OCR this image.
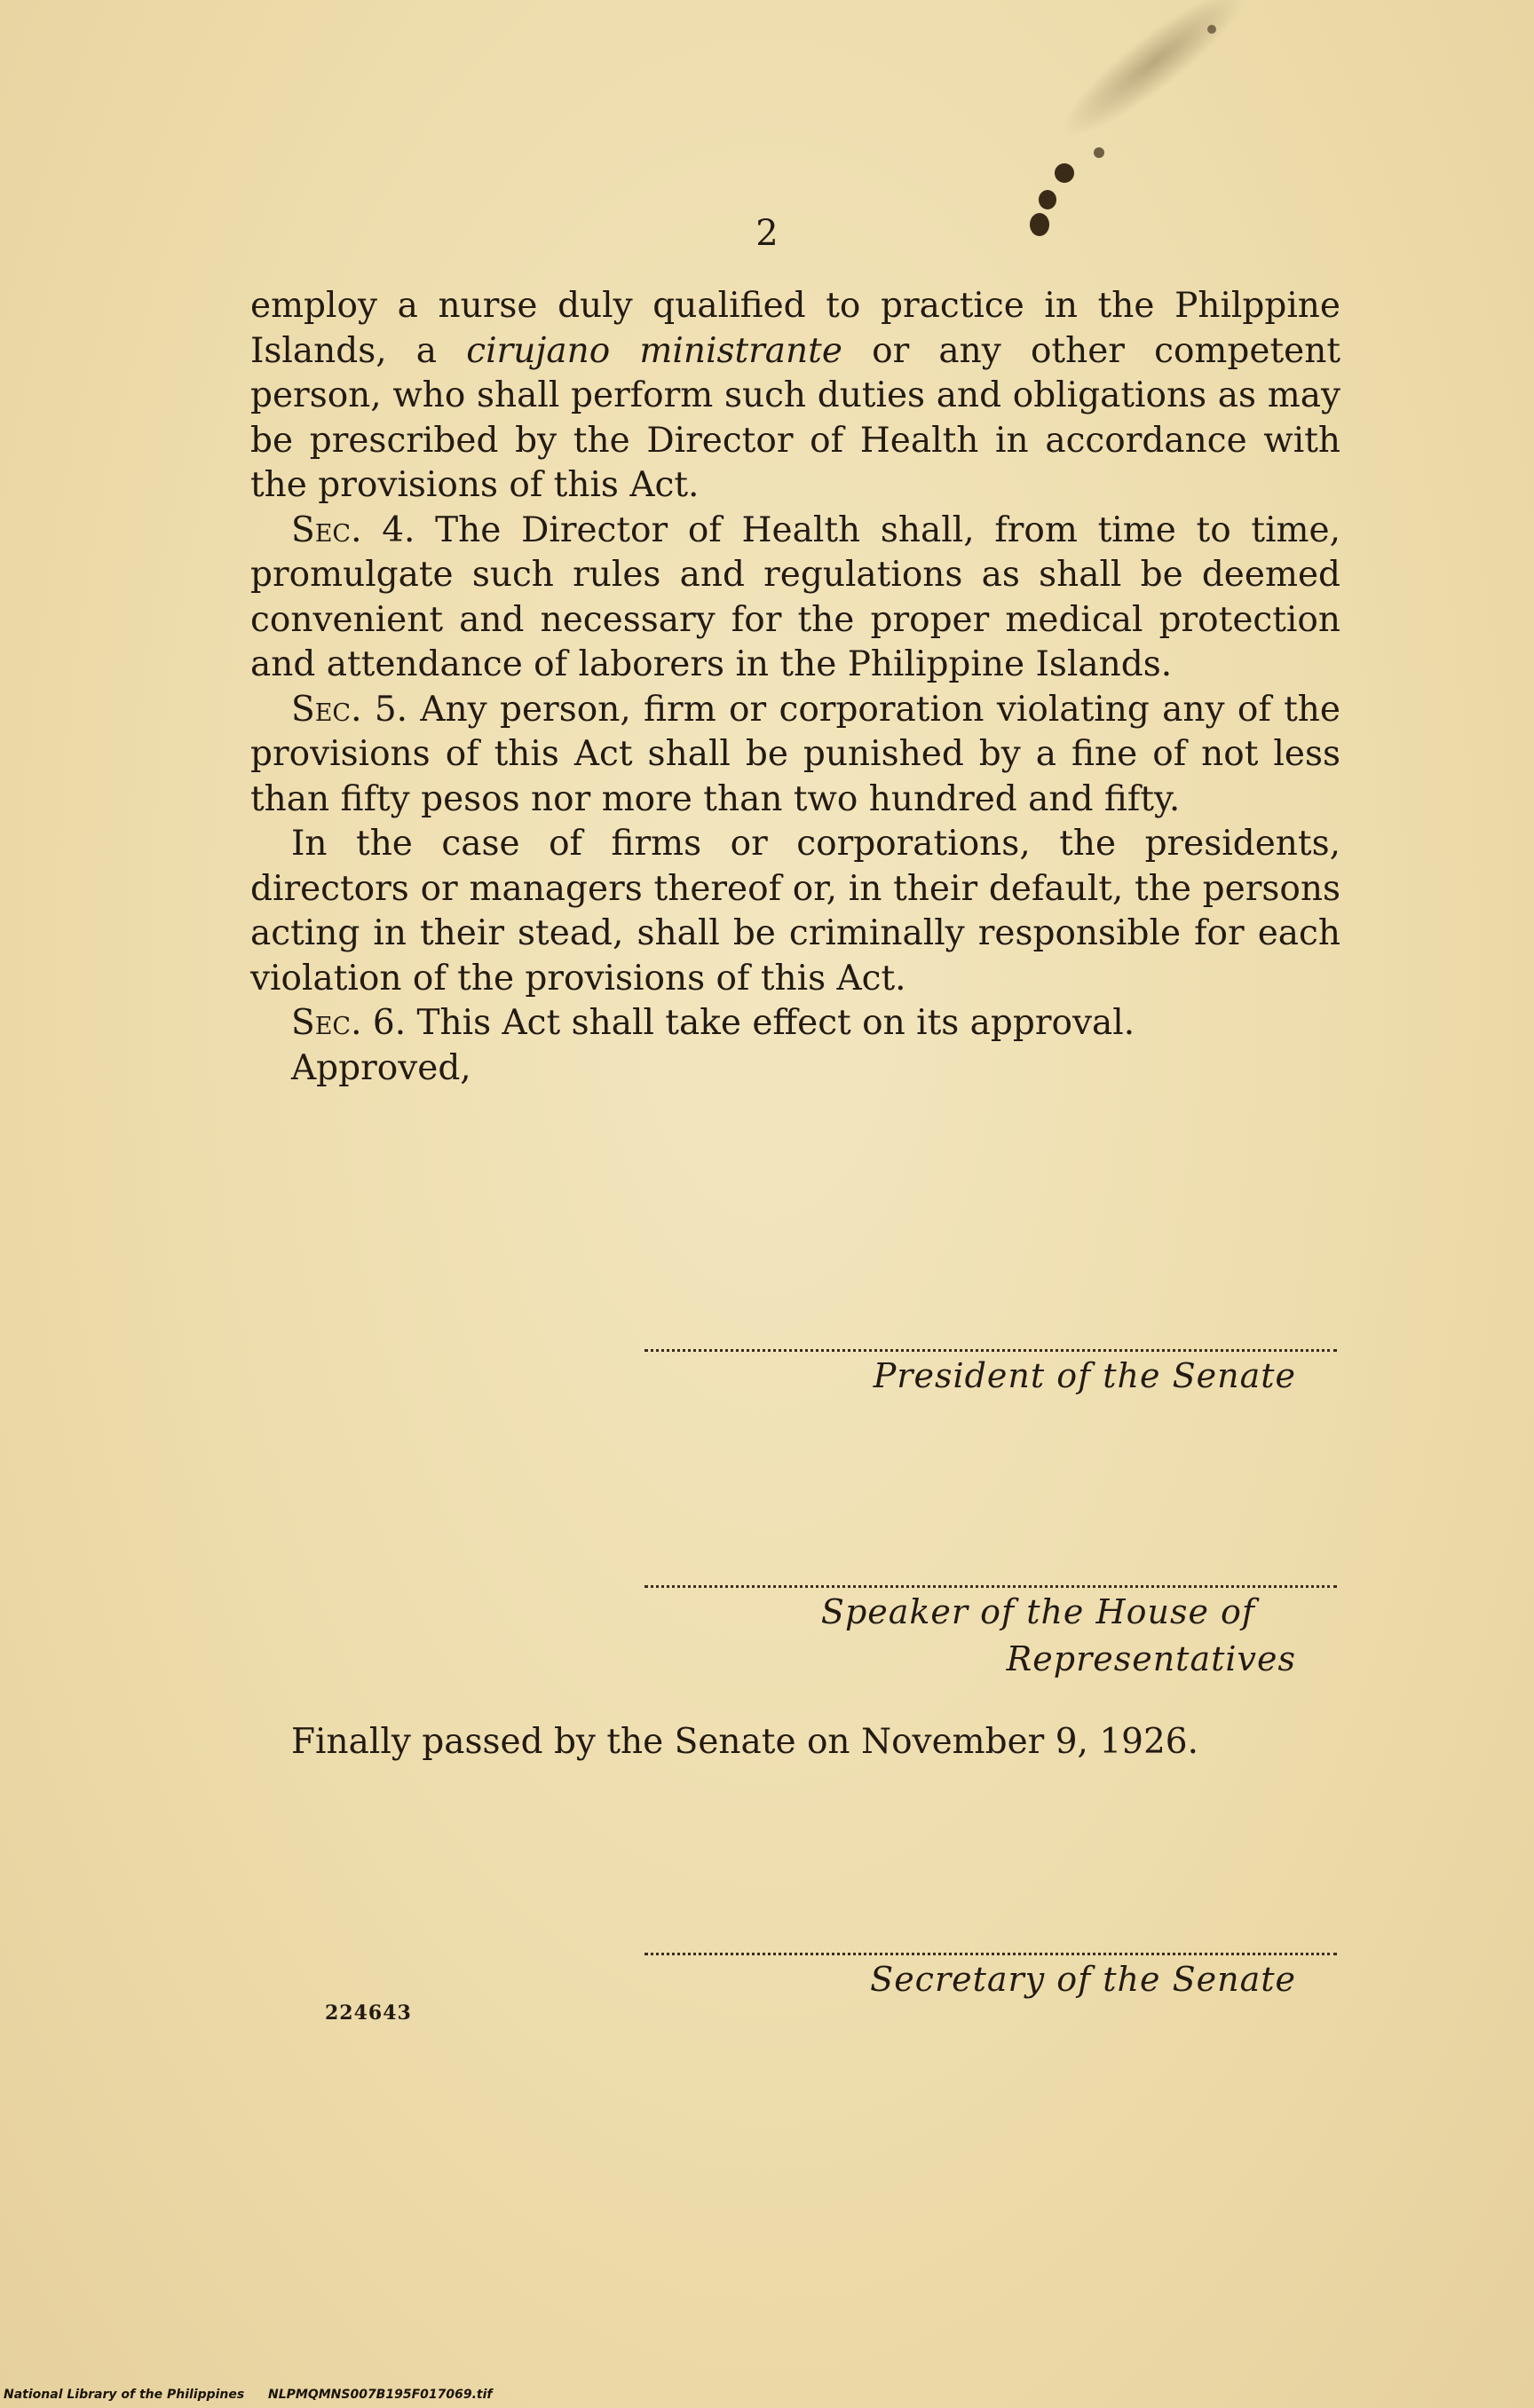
2

employ a nurse duly qualified to practice in the Philppine Islands, a cirujano ministrante or any other competent person, who shall perform such duties and obligations as may be prescribed by the Director of Health in accordance with the provisions of this Act.

Sec. 4. The Director of Health shall, from time to time, promulgate such rules and regulations as shall be deemed convenient and necessary for the proper medical protection and attendance of laborers in the Philippine Islands.

Sec. 5. Any person, firm or corporation violating any of the provisions of this Act shall be punished by a fine of not less than fifty pesos nor more than two hundred and fifty.

In the case of firms or corporations, the presidents, directors or managers thereof or, in their default, the persons acting in their stead, shall be criminally responsible for each violation of the provisions of this Act.

Sec. 6. This Act shall take effect on its approval.

Approved,

President of the Senate
Speaker of the House of
Representatives
Finally passed by the Senate on November 9, 1926.
Secretary of the Senate
224643
National Library of the Philippines NLPMQMNS007B195F017069.tif
